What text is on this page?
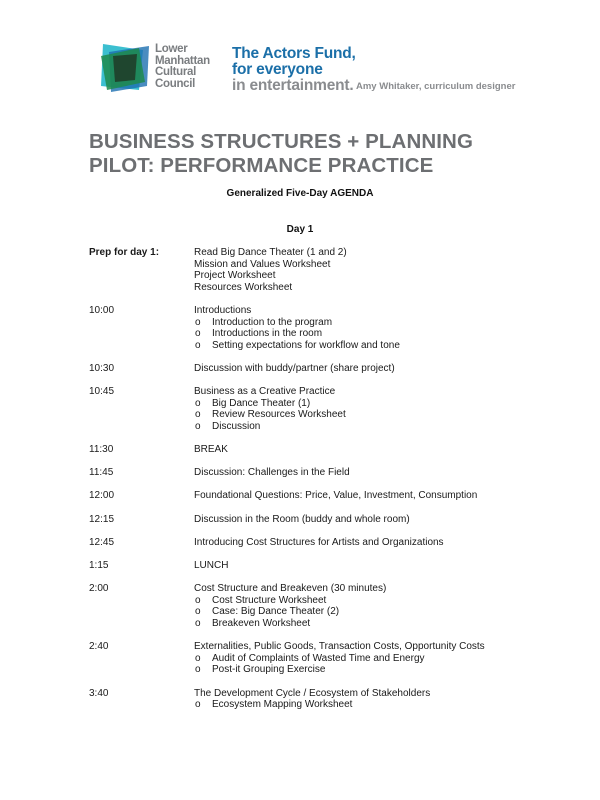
Lower
Manhattan
Cultural
Council
The Actors Fund,
for everyone
in entertainment. Amy Whitaker, curriculum designer
BUSINESS STRUCTURES + PLANNING
PILOT: PERFORMANCE PRACTICE
Generalized Five-Day AGENDA
Day 1
Prep for day 1:	Read Big Dance Theater (1 and 2)
Mission and Values Worksheet
Project Worksheet
Resources Worksheet
10:00	Introductions
o	Introduction to the program
o	Introductions in the room
o	Setting expectations for workflow and tone
10:30	Discussion with buddy/partner (share project)
10:45	Business as a Creative Practice
o	Big Dance Theater (1)
o	Review Resources Worksheet
o	Discussion
11:30	BREAK
11:45	Discussion: Challenges in the Field
12:00	Foundational Questions: Price, Value, Investment, Consumption
12:15	Discussion in the Room (buddy and whole room)
12:45	Introducing Cost Structures for Artists and Organizations
1:15	LUNCH
2:00	Cost Structure and Breakeven (30 minutes)
o	Cost Structure Worksheet
o	Case: Big Dance Theater (2)
o	Breakeven Worksheet
2:40	Externalities, Public Goods, Transaction Costs, Opportunity Costs
o	Audit of Complaints of Wasted Time and Energy
o	Post-it Grouping Exercise
3:40	The Development Cycle / Ecosystem of Stakeholders
o	Ecosystem Mapping Worksheet
